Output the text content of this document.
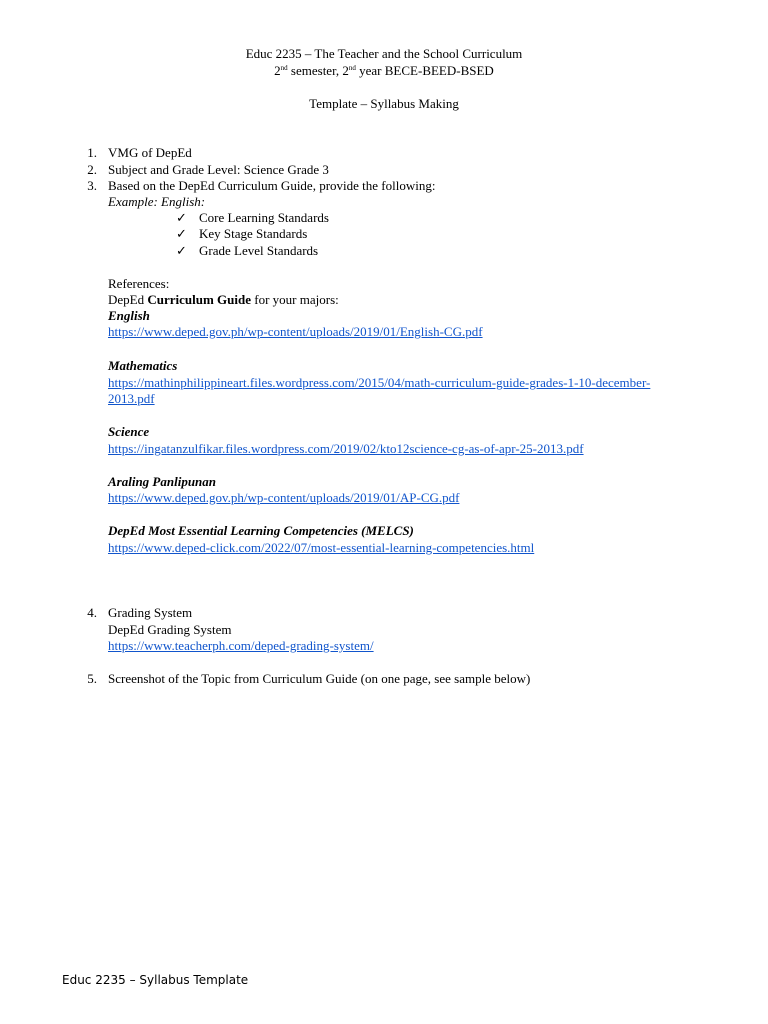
Educ 2235 – The Teacher and the School Curriculum
2nd semester, 2nd year BECE-BEED-BSED
Template – Syllabus Making
1. VMG of DepEd
2. Subject and Grade Level: Science Grade 3
3. Based on the DepEd Curriculum Guide, provide the following:
Example: English:
✓ Core Learning Standards
✓ Key Stage Standards
✓ Grade Level Standards
References:
DepEd Curriculum Guide for your majors:
English
https://www.deped.gov.ph/wp-content/uploads/2019/01/English-CG.pdf
Mathematics
https://mathinphilippineart.files.wordpress.com/2015/04/math-curriculum-guide-grades-1-10-december-
2013.pdf
Science
https://ingatanzulfikar.files.wordpress.com/2019/02/kto12science-cg-as-of-apr-25-2013.pdf
Araling Panlipunan
https://www.deped.gov.ph/wp-content/uploads/2019/01/AP-CG.pdf
DepEd Most Essential Learning Competencies (MELCS)
https://www.deped-click.com/2022/07/most-essential-learning-competencies.html
4. Grading System
DepEd Grading System
https://www.teacherph.com/deped-grading-system/
5. Screenshot of the Topic from Curriculum Guide (on one page, see sample below)
Educ 2235 – Syllabus Template
